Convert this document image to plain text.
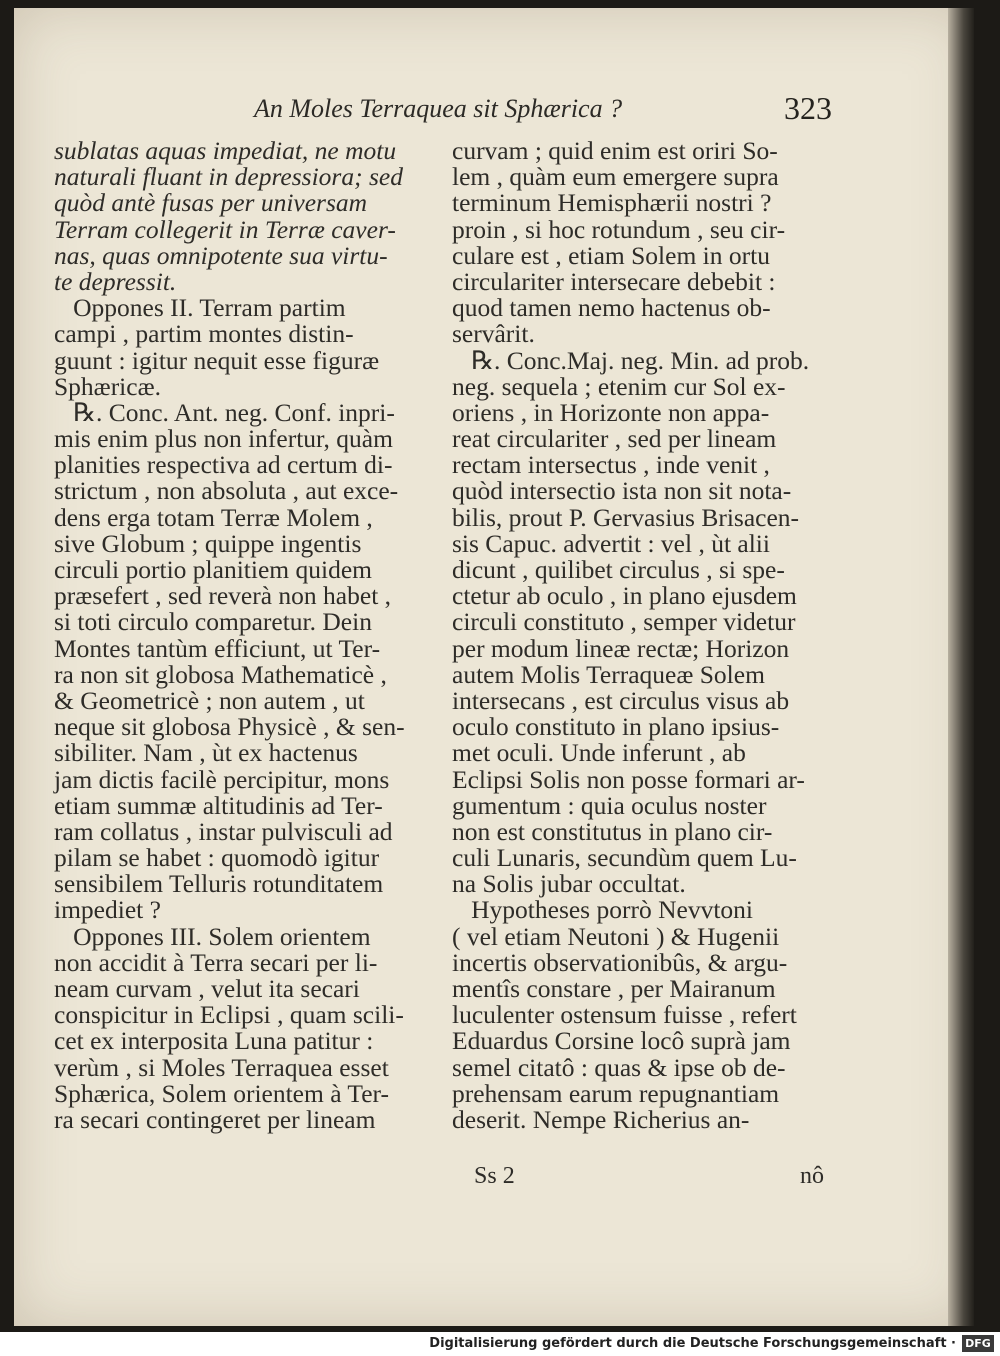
An Moles Terraquea sit Sphærica ?	323
sublatas aquas impediat, ne motu
naturali fluant in depressiora; sed
quòd antè fusas per universam
Terram collegerit in Terræ caver-
nas, quas omnipotente sua virtu-
te depressit.
Oppones II. Terram partim
campi , partim montes distin-
guunt : igitur nequit esse figuræ
Sphæricæ.
℞. Conc. Ant. neg. Conf. inpri-
mis enim plus non infertur, quàm
planities respectiva ad certum di-
strictum , non absoluta , aut exce-
dens erga totam Terræ Molem ,
sive Globum ; quippe ingentis
circuli portio planitiem quidem
præsefert , sed reverà non habet ,
si toti circulo comparetur. Dein
Montes tantùm efficiunt, ut Ter-
ra non sit globosa Mathematicè ,
& Geometricè ; non autem , ut
neque sit globosa Physicè , & sen-
sibiliter. Nam , ùt ex hactenus
jam dictis facilè percipitur, mons
etiam summæ altitudinis ad Ter-
ram collatus , instar pulvisculi ad
pilam se habet : quomodò igitur
sensibilem Telluris rotunditatem
impediet ?
Oppones III. Solem orientem
non accidit à Terra secari per li-
neam curvam , velut ita secari
conspicitur in Eclipsi , quam scili-
cet ex interposita Luna patitur :
verùm , si Moles Terraquea esset
Sphærica, Solem orientem à Ter-
ra secari contingeret per lineam
curvam ; quid enim est oriri So-
lem , quàm eum emergere supra
terminum Hemisphærii nostri ?
proin , si hoc rotundum , seu cir-
culare est , etiam Solem in ortu
circulariter intersecare debebit :
quod tamen nemo hactenus ob-
servârit.
℞. Conc.Maj. neg. Min. ad prob.
neg. sequela ; etenim cur Sol ex-
oriens , in Horizonte non appa-
reat circulariter , sed per lineam
rectam intersectus , inde venit ,
quòd intersectio ista non sit nota-
bilis, prout P. Gervasius Brisacen-
sis Capuc. advertit : vel , ùt alii
dicunt , quilibet circulus , si spe-
ctetur ab oculo , in plano ejusdem
circuli constituto , semper videtur
per modum lineæ rectæ; Horizon
autem Molis Terraqueæ Solem
intersecans , est circulus visus ab
oculo constituto in plano ipsius-
met oculi. Unde inferunt , ab
Eclipsi Solis non posse formari ar-
gumentum : quia oculus noster
non est constitutus in plano cir-
culi Lunaris, secundùm quem Lu-
na Solis jubar occultat.
Hypotheses porrò Nevvtoni
( vel etiam Neutoni ) & Hugenii
incertis observationibûs, & argu-
mentîs constare , per Mairanum
luculenter ostensum fuisse , refert
Eduardus Corsine locô suprà jam
semel citatô : quas & ipse ob de-
prehensam earum repugnantiam
deserit. Nempe Richerius an-
Ss 2	nô
Digitalisierung gefördert durch die Deutsche Forschungsgemeinschaft · DFG
